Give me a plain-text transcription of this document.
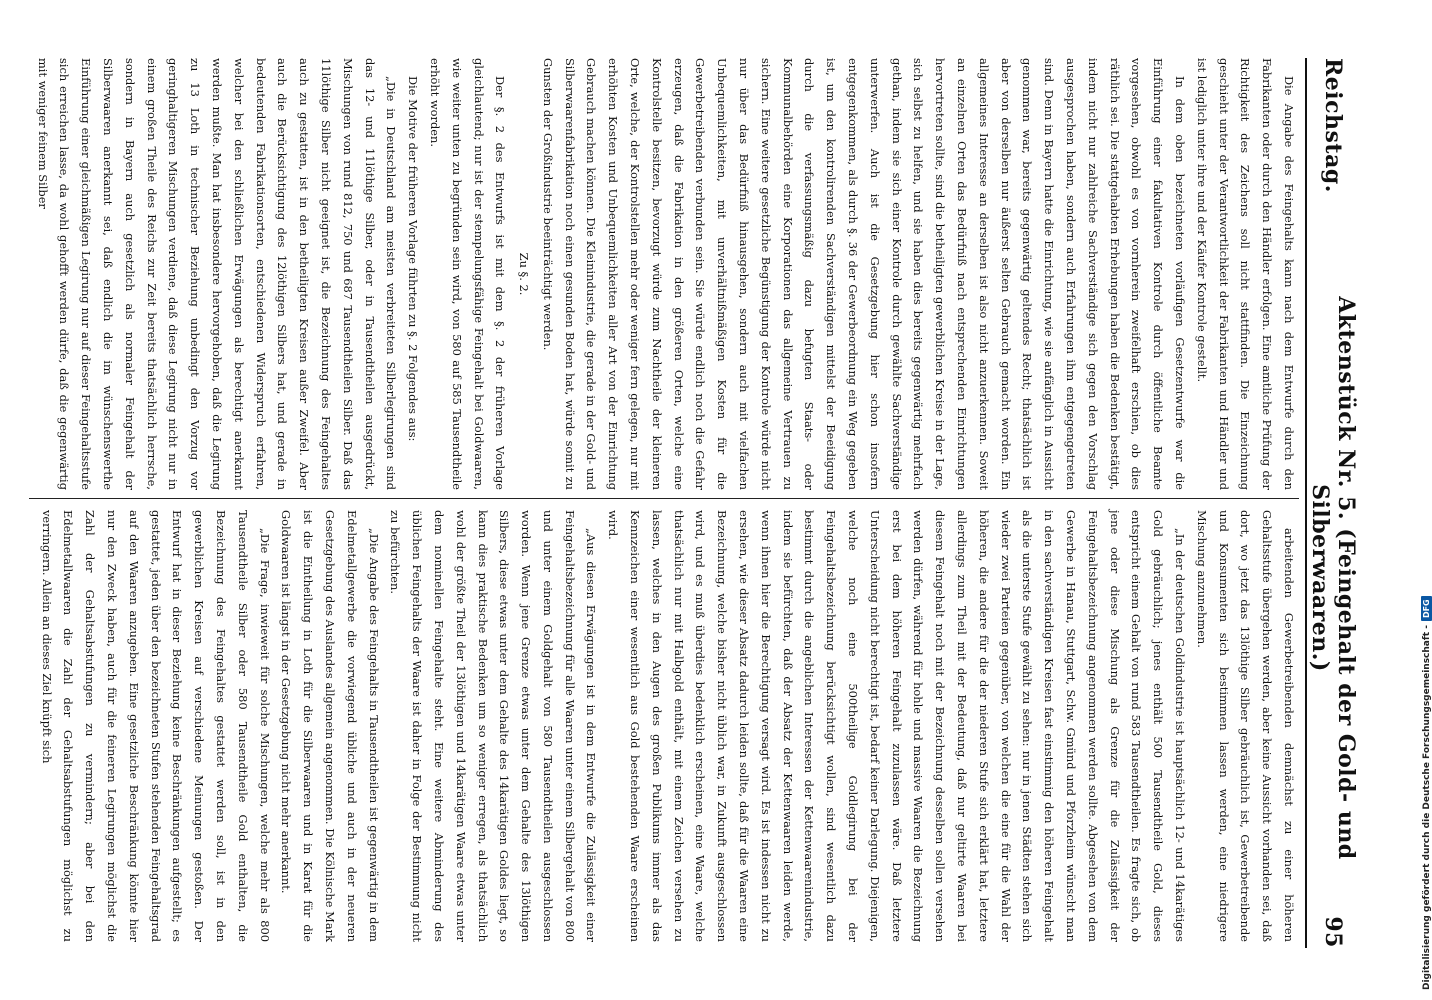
Reichstag.
Aktenstück Nr. 5. (Feingehalt der Gold- und Silberwaaren.)
95

Die Angabe des Feingehalts kann nach dem Entwurfe durch den Fabrikanten oder durch den Händler erfolgen. Eine amtliche Prüfung der Richtigkeit des Zeichens soll nicht stattfinden. Die Einzeichnung geschieht unter der Verantwortlichkeit der Fabrikanten und Händler und ist lediglich unter ihre und der Käufer Kontrole gestellt.

In dem oben bezeichneten vorläufigen Gesetzentwurfe war die Einführung einer fakultativen Kontrole durch öffentliche Beamte vorgesehen, obwohl es von vornherein zweifelhaft erschien, ob dies räthlich sei. Die stattgehabten Erhebungen haben die Bedenken bestätigt, indem nicht nur zahlreiche Sachverständige sich gegen den Vorschlag ausgesprochen haben, sondern auch Erfahrungen ihm entgegengetreten sind. Denn in Bayern hatte die Einrichtung, wie sie anfänglich in Aussicht genommen war, bereits gegenwärtig geltendes Recht; thatsächlich ist aber von derselben nur äußerst selten Gebrauch gemacht worden. Ein allgemeines Interesse an derselben ist also nicht anzuerkennen. Soweit an einzelnen Orten das Bedürfniß nach entsprechenden Einrichtungen hervortreten sollte, sind die betheiligten gewerblichen Kreise in der Lage, sich selbst zu helfen, und sie haben dies bereits gegenwärtig mehrfach gethan, indem sie sich einer Kontrole durch gewählte Sachverständige unterwerfen. Auch ist die Gesetzgebung hier schon insofern entgegenkommen, als durch §. 36 der Gewerbeordnung ein Weg gegeben ist, um den kontrolirenden Sachverständigen mittelst der Beeidigung durch die verfassungsmäßig dazu befugten Staats- oder Kommunalbehörden eine Korporationen das allgemeine Vertrauen zu sichern. Eine weitere gesetzliche Begünstigung der Kontrole würde nicht nur über das Bedürfniß hinausgehen, sondern auch mit vielfachen Unbequemlichkeiten, mit unverhältnißmäßigen Kosten für die Gewerbetreibenden verbunden sein. Sie würde endlich noch die Gefahr erzeugen, daß die Fabrikation in den größeren Orten, welche eine Kontrolstelle besitzen, bevorzugt würde zum Nachtheile der kleineren Orte, welche, der Kontrolstellen mehr oder weniger fern gelegen, nur mit erhöhten Kosten und Unbequemlichkeiten aller Art von der Einrichtung Gebrauch machen können. Die Kleinindustrie, die gerade in der Gold- und Silberwaarenfabrikation noch einen gesunden Boden hat, würde somit zu Gunsten der Großindustrie beeinträchtigt werden.

Zu §. 2.

Der §. 2 des Entwurfs ist mit dem §. 2 der früheren Vorlage gleichlautend; nur ist der stempelungsfähige Feingehalt bei Goldwaaren, wie weiter unten zu begründen sein wird, von 580 auf 585 Tausendtheile erhöht worden.

Die Motive der früheren Vorlage führten zu §. 2 Folgendes aus:

„Die in Deutschland am meisten verbreiteten Silberlegirungen sind das 12- und 11löthige Silber, oder in Tausendtheilen ausgedrückt, Mischungen von rund 812, 750 und 687 Tausendtheilen Silber. Daß das 11löthige Silber nicht geeignet ist, die Bezeichnung des Feingehaltes auch zu gestatten, ist in den betheiligten Kreisen außer Zweifel. Aber auch die Berücksichtigung des 12löthigen Silbers hat, und gerade in bedeutenden Fabrikationsorten, entschiedenen Widerspruch erfahren, welcher bei den schließlichen Erwägungen als berechtigt anerkannt werden mußte. Man hat insbesondere hervorgehoben, daß die Legirung zu 13 Loth in technischer Beziehung unbedingt den Vorzug vor geringhaltigeren Mischungen verdiene, daß diese Legirung nicht nur in einem großen Theile des Reichs zur Zeit bereits thatsächlich herrsche, sondern in Bayern auch gesetzlich als normaler Feingehalt der Silberwaaren anerkannt sei, daß endlich die im wünschenswerthe Einführung einer gleichmäßigen Legirung nur auf dieser Feingehaltsstufe sich erreichen lasse, da wohl gehofft werden dürfe, daß die gegenwärtig mit weniger feinem Silber

arbeitenden Gewerbetreibenden demnächst zu einer höheren Gehaltsstufe übergehen werden, aber keine Aussicht vorhanden sei, daß dort, wo jetzt das 13löthige Silber gebräuchlich ist, Gewerbetreibende und Konsumenten sich bestimmen lassen werden, eine niedrigere Mischung anzunehmen.

„In der deutschen Goldindustrie ist hauptsächlich 12- und 14karätiges Gold gebräuchlich; jenes enthält 500 Tausendtheile Gold, dieses entspricht einem Gehalt von rund 583 Tausendtheilen. Es fragte sich, ob jene oder diese Mischung als Grenze für die Zulässigkeit der Feingehaltsbezeichnung angenommen werden sollte. Abgesehen von dem Gewerbe in Hanau, Stuttgart, Schw. Gmünd und Pforzheim wünscht man in den sachverständigen Kreisen fast einstimmig den höheren Feingehalt als die unterste Stufe gewählt zu sehen: nur in jenen Städten stehen sich wieder zwei Parteien gegenüber, von welchen die eine für die Wahl der höheren, die andere für die der niederen Stufe sich erklärt hat, letztere allerdings zum Theil mit der Bedeutung, daß nur geltirte Waaren bei diesem Feingehalt noch mit der Bezeichnung desselben sollen versehen werden dürfen, während für hohle und massive Waaren die Bezeichnung erst bei dem höheren Feingehalt zuzulassen wäre. Daß letztere Unterscheidung nicht berechtigt ist, bedarf keiner Darlegung. Diejenigen, welche noch eine 500theilige Goldlegirung bei der Feingehaltsbezeichnung berücksichtigt wollen, sind wesentlich dazu bestimmt durch die angeblichen Interessen der Kettenwaarenindustrie, indem sie befürchten, daß der Absatz der Kettenwaaren leiden werde, wenn ihnen hier die Berechtigung versagt wird. Es ist indessen nicht zu ersehen, wie dieser Absatz dadurch leiden sollte, daß für die Waaren eine Bezeichnung, welche bisher nicht üblich war, in Zukunft ausgeschlossen wird, und es muß überdies bedenklich erscheinen, eine Waare, welche thatsächlich nur mit Halbgold enthält, mit einem Zeichen versehen zu lassen, welches in den Augen des großen Publikums immer als das Kennzeichen einer wesentlich aus Gold bestehenden Waare erscheinen wird.

„Aus diesen Erwägungen ist in dem Entwurfe die Zulässigkeit einer Feingehaltsbezeichnung für alle Waaren unter einem Silbergehalt von 800 und unter einem Goldgehalt von 580 Tausendtheilen ausgeschlossen worden. Wenn jene Grenze etwas unter dem Gehalte des 13löthigen Silbers, diese etwas unter dem Gehalte des 14karätigen Goldes liegt, so kann dies praktische Bedenken um so weniger erregen, als thatsächlich wohl der größte Theil der 13löthigen und 14karätigen Waare etwas unter dem nominellen Feingehalte steht. Eine weitere Abminderung des üblichen Feingehalts der Waare ist daher in Folge der Bestimmung nicht zu befürchten.

„Die Angabe des Feingehalts in Tausendtheilen ist gegenwärtig in dem Edelmetallgewerbe die vorwiegend übliche und auch in der neueren Gesetzgebung des Auslandes allgemein angenommen. Die Kölnische Mark ist die Eintheilung in Loth für die Silberwaaren und in Karat für die Goldwaaren ist längst in der Gesetzgebung nicht mehr anerkannt.

„Die Frage, inwieweit für solche Mischungen, welche mehr als 800 Tausendtheile Silber oder 580 Tausendtheile Gold enthalten, die Bezeichnung des Feingehaltes gestattet werden soll, ist in den gewerblichen Kreisen auf verschiedene Meinungen gestoßen. Der Entwurf hat in dieser Beziehung keine Beschränkungen aufgestellt; es gestattet, jeden über den bezeichneten Stufen stehenden Feingehaltsgrad auf den Waaren anzugeben. Eine gesetzliche Beschränkung könnte hier nur den Zweck haben, auch für die feineren Legirungen möglichst die Zahl der Gehaltsabstufungen zu vermindern; aber bei den Edelmetallwaaren die Zahl der Gehaltsabstufungen möglichst zu verringern. Allein an dieses Ziel knüpft sich	Digitalisierung gefördert durch die Deutsche Forschungsgemeinschaft -
DFG
